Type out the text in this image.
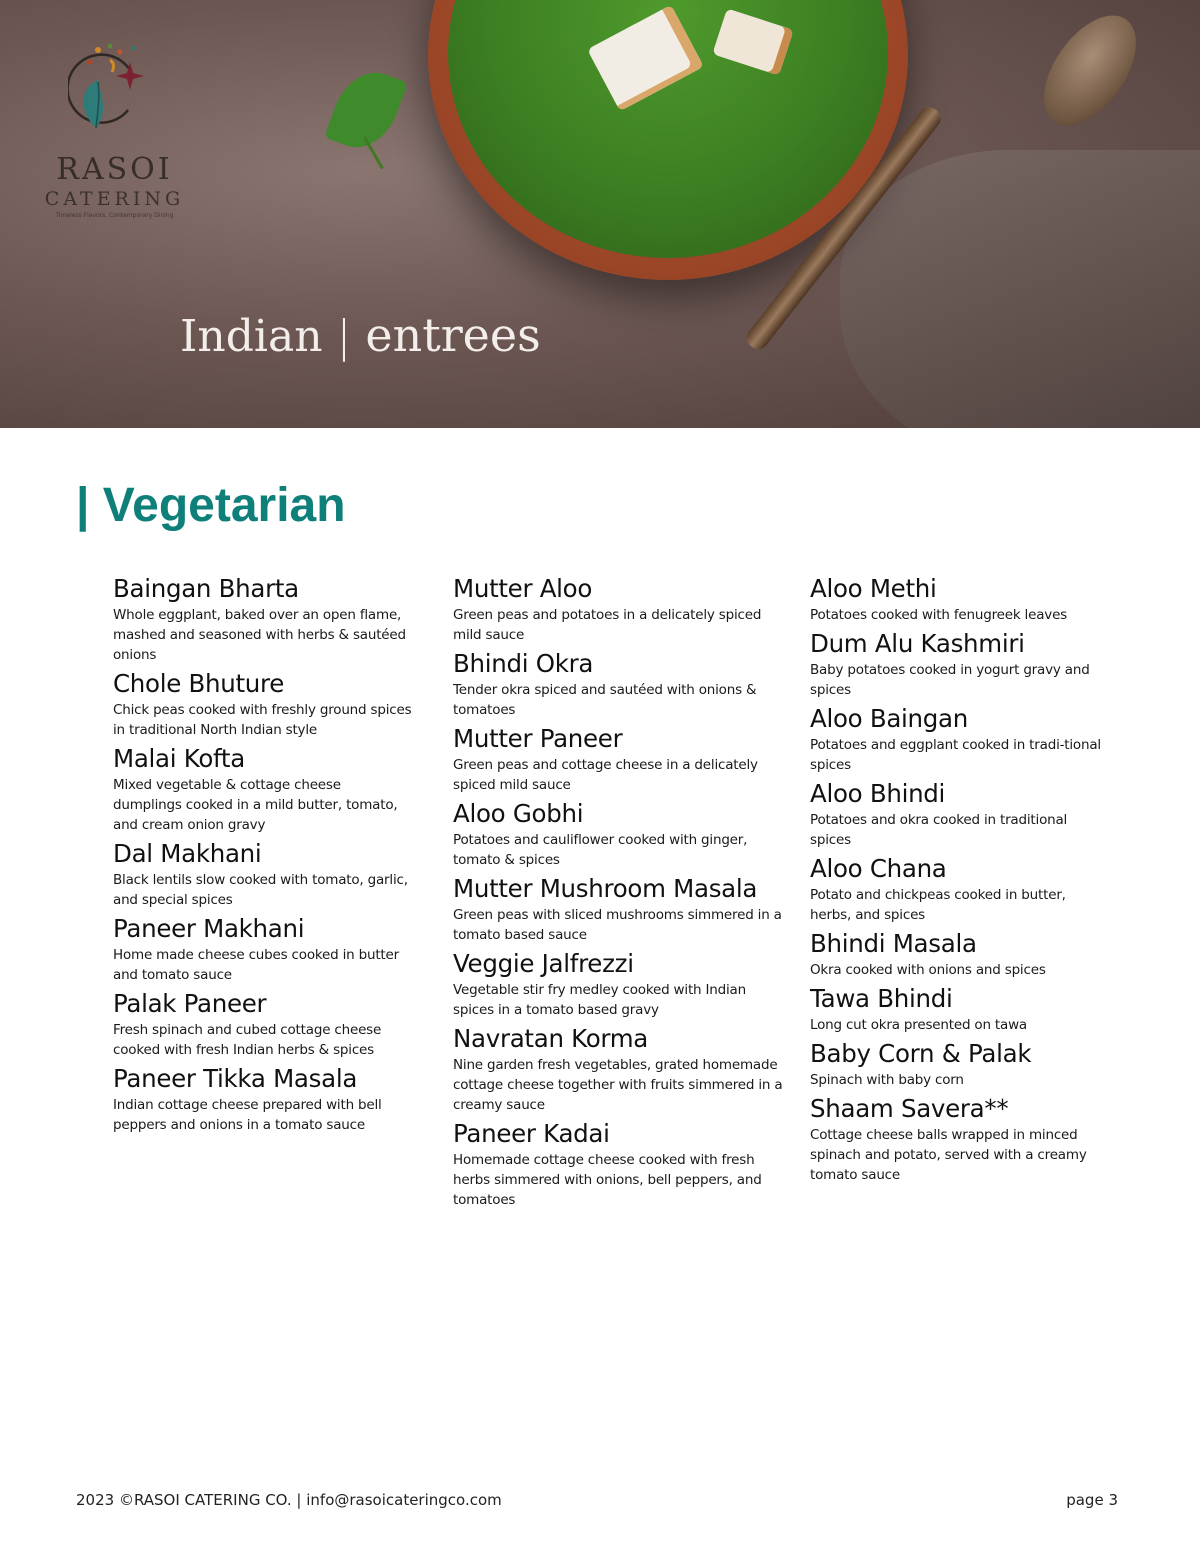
RASOI
CATERING
Timeless Flavors, Contemporary Dining
Indian | entrees
| Vegetarian
Baingan Bharta
Whole eggplant, baked over an open flame, mashed and seasoned with herbs & sautéed onions
Chole Bhuture
Chick peas cooked with freshly ground spices in traditional North Indian style
Malai Kofta
Mixed vegetable & cottage cheese dumplings cooked in a mild butter, tomato, and cream onion gravy
Dal Makhani
Black lentils slow cooked with tomato, garlic, and special spices
Paneer Makhani
Home made cheese cubes cooked in butter and tomato sauce
Palak Paneer
Fresh spinach and cubed cottage cheese cooked with fresh Indian herbs & spices
Paneer Tikka Masala
Indian cottage cheese prepared with bell peppers and onions in a tomato sauce
Mutter Aloo
Green peas and potatoes in a delicately spiced mild sauce
Bhindi Okra
Tender okra spiced and sautéed with onions & tomatoes
Mutter Paneer
Green peas and cottage cheese in a delicately spiced mild sauce
Aloo Gobhi
Potatoes and cauliflower cooked with ginger, tomato & spices
Mutter Mushroom Masala
Green peas with sliced mushrooms simmered in a tomato based sauce
Veggie Jalfrezzi
Vegetable stir fry medley cooked with Indian spices in a tomato based gravy
Navratan Korma
Nine garden fresh vegetables, grated homemade cottage cheese together with fruits simmered in a creamy sauce
Paneer Kadai
Homemade cottage cheese cooked with fresh herbs simmered with onions, bell peppers, and tomatoes
Aloo Methi
Potatoes cooked with fenugreek leaves
Dum Alu Kashmiri
Baby potatoes cooked in yogurt gravy and spices
Aloo Baingan
Potatoes and eggplant cooked in tradi-tional spices
Aloo Bhindi
Potatoes and okra cooked in traditional spices
Aloo Chana
Potato and chickpeas cooked in butter, herbs, and spices
Bhindi Masala
Okra cooked with onions and spices
Tawa Bhindi
Long cut okra presented on tawa
Baby Corn & Palak
Spinach with baby corn
Shaam Savera**
Cottage cheese balls wrapped in minced spinach and potato, served with a creamy tomato sauce
2023 ©RASOI CATERING CO. | info@rasoicateringco.com	page 3
